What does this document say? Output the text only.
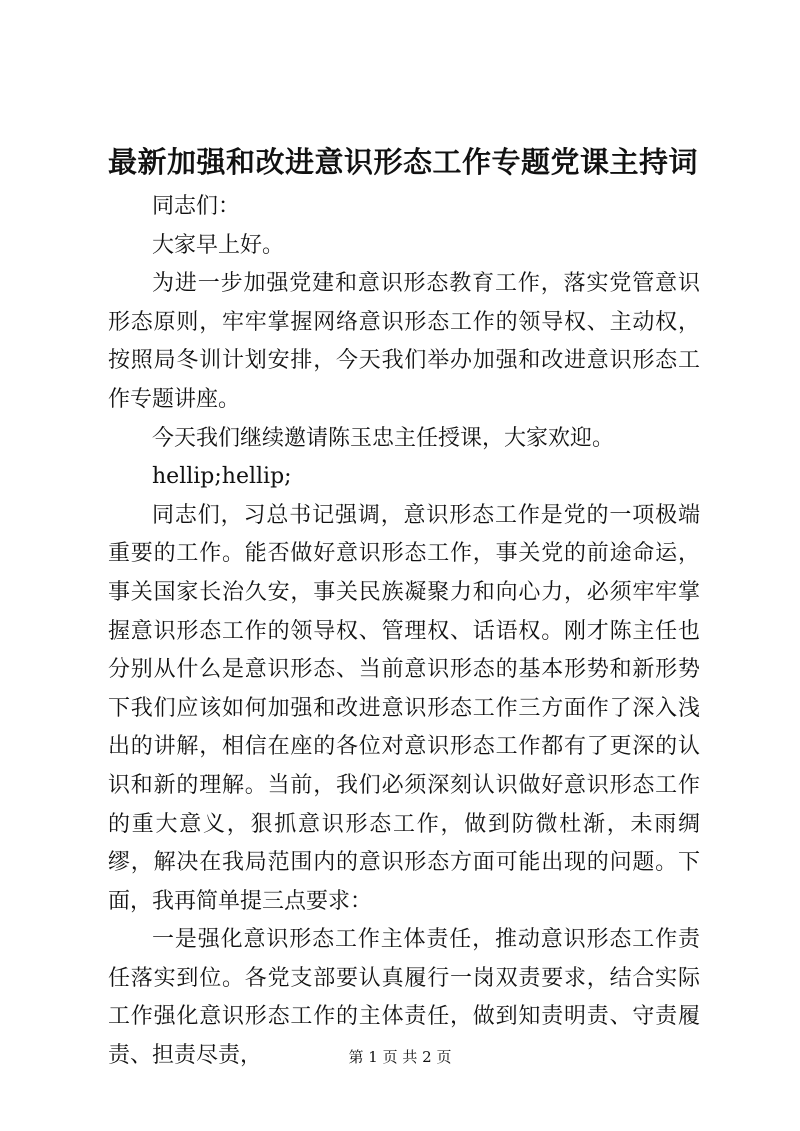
最新加强和改进意识形态工作专题党课主持词

同志们：

大家早上好。

为进一步加强党建和意识形态教育工作，落实党管意识形态原则，牢牢掌握网络意识形态工作的领导权、主动权，按照局冬训计划安排，今天我们举办加强和改进意识形态工作专题讲座。

今天我们继续邀请陈玉忠主任授课，大家欢迎。

hellip;hellip;

同志们，习总书记强调，意识形态工作是党的一项极端重要的工作。能否做好意识形态工作，事关党的前途命运，事关国家长治久安，事关民族凝聚力和向心力，必须牢牢掌握意识形态工作的领导权、管理权、话语权。刚才陈主任也分别从什么是意识形态、当前意识形态的基本形势和新形势下我们应该如何加强和改进意识形态工作三方面作了深入浅出的讲解，相信在座的各位对意识形态工作都有了更深的认识和新的理解。当前，我们必须深刻认识做好意识形态工作的重大意义，狠抓意识形态工作，做到防微杜渐，未雨绸缪，解决在我局范围内的意识形态方面可能出现的问题。下面，我再简单提三点要求：

一是强化意识形态工作主体责任，推动意识形态工作责任落实到位。各党支部要认真履行一岗双责要求，结合实际工作强化意识形态工作的主体责任，做到知责明责、守责履责、担责尽责，	第 1 页 共 2 页
